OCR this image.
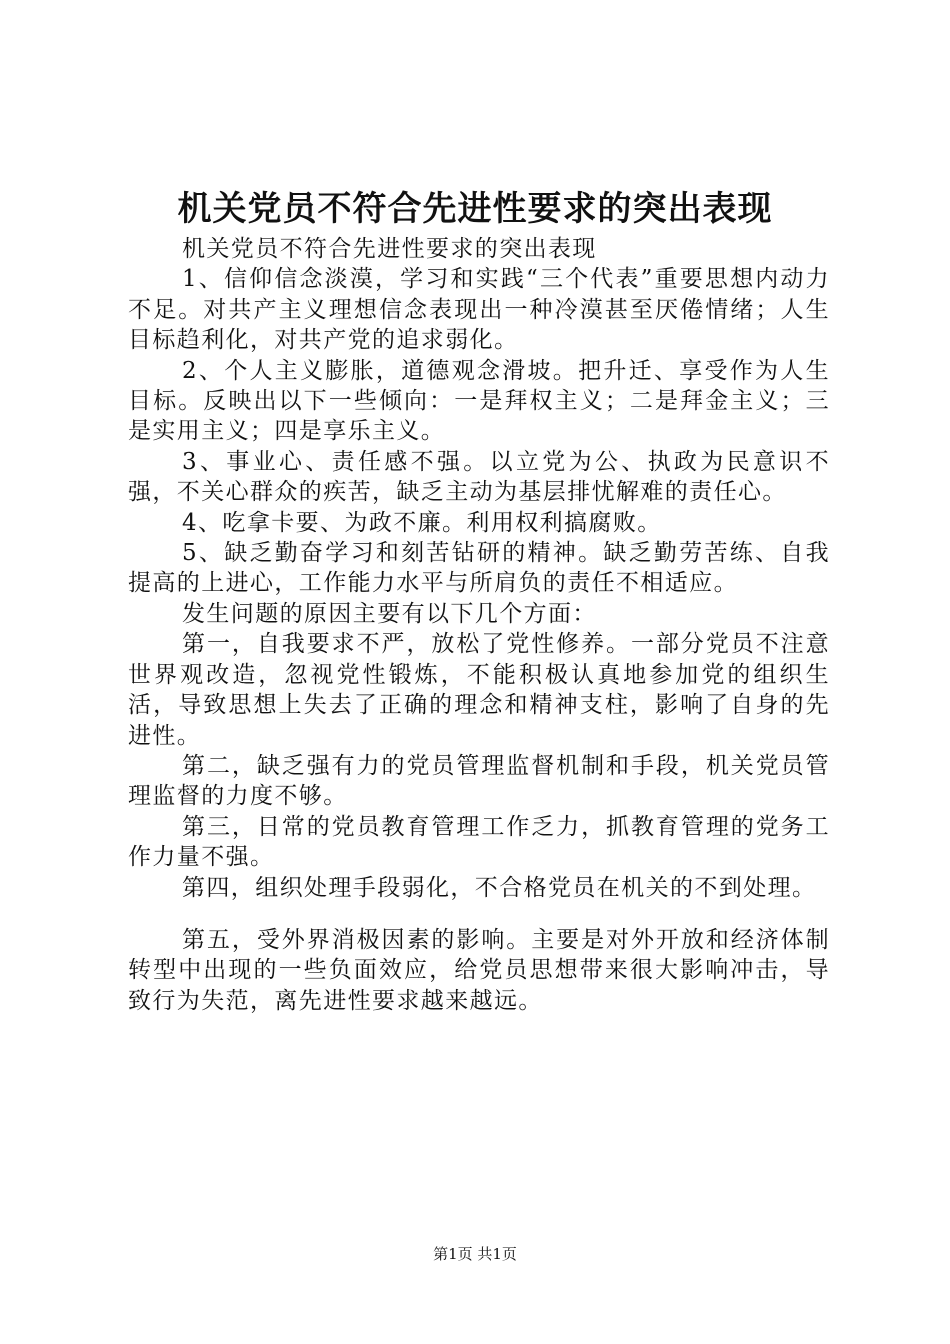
机关党员不符合先进性要求的突出表现

机关党员不符合先进性要求的突出表现

1、信仰信念淡漠，学习和实践“三个代表”重要思想内动力不足。对共产主义理想信念表现出一种冷漠甚至厌倦情绪；人生目标趋利化，对共产党的追求弱化。

2、个人主义膨胀，道德观念滑坡。把升迁、享受作为人生目标。反映出以下一些倾向：一是拜权主义；二是拜金主义；三是实用主义；四是享乐主义。

3、事业心、责任感不强。以立党为公、执政为民意识不强，不关心群众的疾苦，缺乏主动为基层排忧解难的责任心。

4、吃拿卡要、为政不廉。利用权利搞腐败。

5、缺乏勤奋学习和刻苦钻研的精神。缺乏勤劳苦练、自我提高的上进心，工作能力水平与所肩负的责任不相适应。

发生问题的原因主要有以下几个方面：

第一，自我要求不严，放松了党性修养。一部分党员不注意世界观改造，忽视党性锻炼，不能积极认真地参加党的组织生活，导致思想上失去了正确的理念和精神支柱，影响了自身的先进性。

第二，缺乏强有力的党员管理监督机制和手段，机关党员管理监督的力度不够。

第三，日常的党员教育管理工作乏力，抓教育管理的党务工作力量不强。

第四，组织处理手段弱化，不合格党员在机关的不到处理。

第五，受外界消极因素的影响。主要是对外开放和经济体制转型中出现的一些负面效应，给党员思想带来很大影响冲击，导致行为失范，离先进性要求越来越远。

第1页 共1页
